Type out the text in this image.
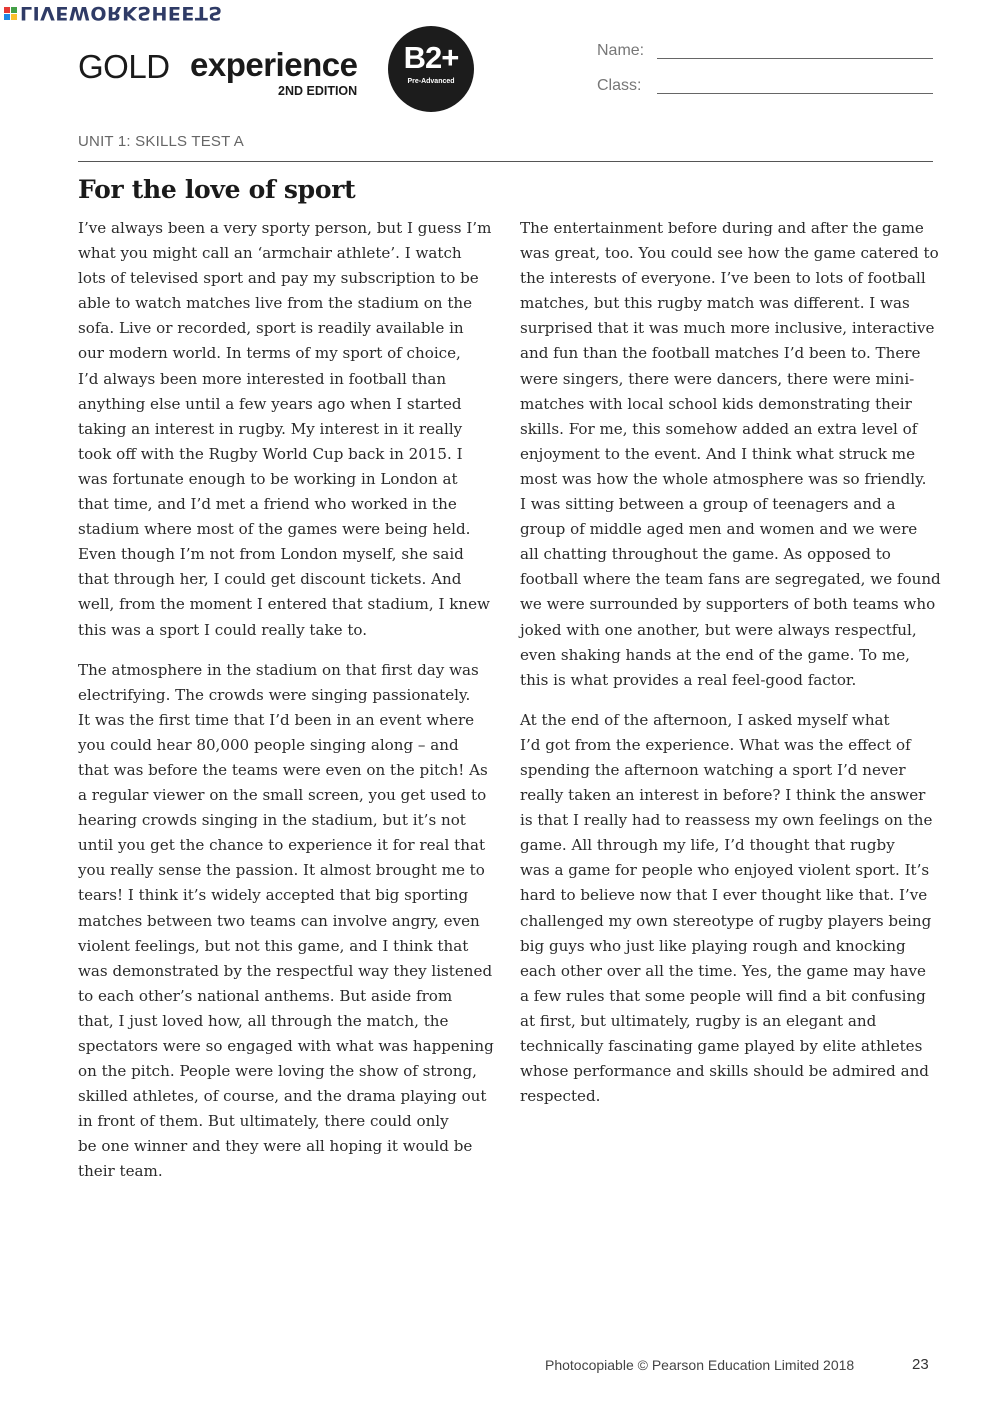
LIVEWORKSHEETS
GOLD experience
2ND EDITION
B2+
Pre-Advanced
Name:
Class:
UNIT 1: SKILLS TEST A
For the love of sport

I’ve always been a very sporty person, but I guess I’m
what you might call an ‘armchair athlete’. I watch
lots of televised sport and pay my subscription to be
able to watch matches live from the stadium on the
sofa. Live or recorded, sport is readily available in
our modern world. In terms of my sport of choice,
I’d always been more interested in football than
anything else until a few years ago when I started
taking an interest in rugby. My interest in it really
took off with the Rugby World Cup back in 2015. I
was fortunate enough to be working in London at
that time, and I’d met a friend who worked in the
stadium where most of the games were being held.
Even though I’m not from London myself, she said
that through her, I could get discount tickets. And
well, from the moment I entered that stadium, I knew
this was a sport I could really take to.

The atmosphere in the stadium on that first day was
electrifying. The crowds were singing passionately.
It was the first time that I’d been in an event where
you could hear 80,000 people singing along – and
that was before the teams were even on the pitch! As
a regular viewer on the small screen, you get used to
hearing crowds singing in the stadium, but it’s not
until you get the chance to experience it for real that
you really sense the passion. It almost brought me to
tears! I think it’s widely accepted that big sporting
matches between two teams can involve angry, even
violent feelings, but not this game, and I think that
was demonstrated by the respectful way they listened
to each other’s national anthems. But aside from
that, I just loved how, all through the match, the
spectators were so engaged with what was happening
on the pitch. People were loving the show of strong,
skilled athletes, of course, and the drama playing out
in front of them. But ultimately, there could only
be one winner and they were all hoping it would be
their team.

The entertainment before during and after the game
was great, too. You could see how the game catered to
the interests of everyone. I’ve been to lots of football
matches, but this rugby match was different. I was
surprised that it was much more inclusive, interactive
and fun than the football matches I’d been to. There
were singers, there were dancers, there were mini-
matches with local school kids demonstrating their
skills. For me, this somehow added an extra level of
enjoyment to the event. And I think what struck me
most was how the whole atmosphere was so friendly.
I was sitting between a group of teenagers and a
group of middle aged men and women and we were
all chatting throughout the game. As opposed to
football where the team fans are segregated, we found
we were surrounded by supporters of both teams who
joked with one another, but were always respectful,
even shaking hands at the end of the game. To me,
this is what provides a real feel-good factor.

At the end of the afternoon, I asked myself what
I’d got from the experience. What was the effect of
spending the afternoon watching a sport I’d never
really taken an interest in before? I think the answer
is that I really had to reassess my own feelings on the
game. All through my life, I’d thought that rugby
was a game for people who enjoyed violent sport. It’s
hard to believe now that I ever thought like that. I’ve
challenged my own stereotype of rugby players being
big guys who just like playing rough and knocking
each other over all the time. Yes, the game may have
a few rules that some people will find a bit confusing
at first, but ultimately, rugby is an elegant and
technically fascinating game played by elite athletes
whose performance and skills should be admired and
respected.

Photocopiable © Pearson Education Limited 2018	23
